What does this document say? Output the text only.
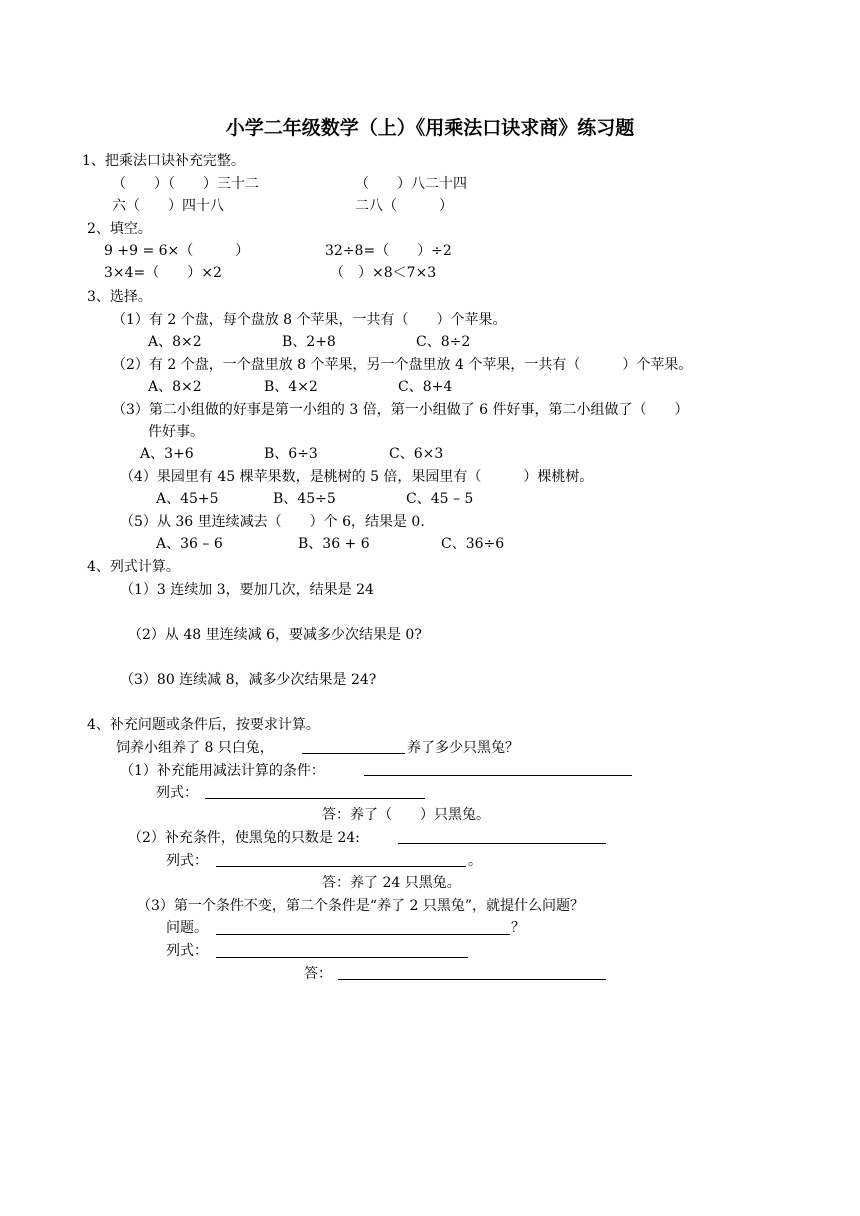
小学二年级数学（上）《用乘法口诀求商》练习题
1、把乘法口诀补充完整。
（　　）（　　）三十二	（　　）八二十四
六（　　）四十八	二八（　　　）
2、填空。
9 +9 = 6×（　　　）	32÷8=（　　）÷2
3×4=（　　）×2	（　）×8＜7×3
3、选择。
（1）有 2 个盘，每个盘放 8 个苹果，一共有（　　）个苹果。
A、8×2	B、2+8	C、8÷2
（2）有 2 个盘，一个盘里放 8 个苹果，另一个盘里放 4 个苹果，一共有（　　　）个苹果。
A、8×2	B、4×2	C、8+4
（3）第二小组做的好事是第一小组的 3 倍，第一小组做了 6 件好事，第二小组做了（　　）
件好事。
A、3+6	B、6÷3	C、6×3
（4）果园里有 45 棵苹果数，是桃树的 5 倍，果园里有（　　　）棵桃树。
A、45+5	B、45÷5	C、45 – 5
（5）从 36 里连续减去（　　）个 6，结果是 0.
A、36 – 6	B、36 + 6	C、36÷6
4、列式计算。
（1）3 连续加 3，要加几次，结果是 24
（2）从 48 里连续减 6，要减多少次结果是 0?
（3）80 连续减 8，减多少次结果是 24?
4、补充问题或条件后，按要求计算。
饲养小组养了 8 只白兔，	养了多少只黑兔？
（1）补充能用减法计算的条件：
列式：
答：养了（　　）只黑兔。
（2）补充条件，使黑兔的只数是 24:
列式：	。
答：养了 24 只黑兔。
（3）第一个条件不变，第二个条件是“养了 2 只黑兔”，就提什么问题？
问题。	？
列式：
答：
